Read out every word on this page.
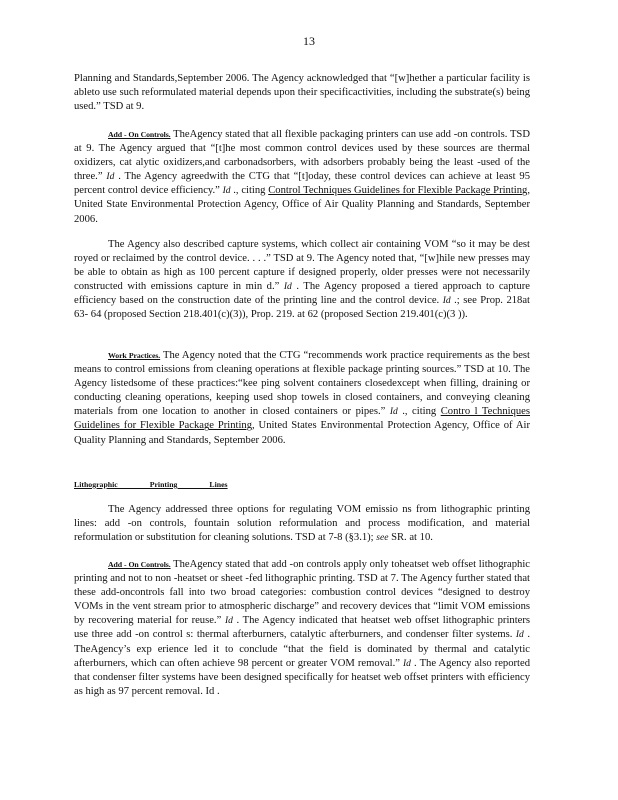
13

Planning and Standards,September 2006. The Agency acknowledged that “[w]hether a particular facility is ableto use such reformulated material depends upon their specificactivities, including the substrate(s) being used.” TSD at 9.

Add - On Controls. TheAgency stated that all flexible packaging printers can use add -on controls. TSD at 9. The Agency argued that “[t]he most common control devices used by these sources are thermal oxidizers, cat alytic oxidizers,and carbonadsorbers, with adsorbers probably being the least -used of the three.” Id . The Agency agreedwith the CTG that “[t]oday, these control devices can achieve at least 95 percent control device efficiency.” Id ., citing Control Techniques Guidelines for Flexible Package Printing, United State Environmental Protection Agency, Office of Air Quality Planning and Standards, September 2006.

The Agency also described capture systems, which collect air containing VOM “so it may be dest royed or reclaimed by the control device. . . .” TSD at 9. The Agency noted that, “[w]hile new presses may be able to obtain as high as 100 percent capture if designed properly, older presses were not necessarily constructed with emissions capture in min d.” Id . The Agency proposed a tiered approach to capture efficiency based on the construction date of the printing line and the control device. Id .; see Prop. 218at 63- 64 (proposed Section 218.401(c)(3)), Prop. 219. at 62 (proposed Section 219.401(c)(3 )).

Work Practices. The Agency noted that the CTG “recommends work practice requirements as the best means to control emissions from cleaning operations at flexible package printing sources.” TSD at 10. The Agency listedsome of these practices:“kee ping solvent containers closedexcept when filling, draining or conducting cleaning operations, keeping used shop towels in closed containers, and conveying cleaning materials from one location to another in closed containers or pipes.” Id ., citing Contro l Techniques Guidelines for Flexible Package Printing, United States Environmental Protection Agency, Office of Air Quality Planning and Standards, September 2006.

Lithographic Printing Lines

The Agency addressed three options for regulating VOM emissio ns from lithographic printing lines: add -on controls, fountain solution reformulation and process modification, and material reformulation or substitution for cleaning solutions. TSD at 7-8 (§3.1); see SR. at 10.

Add - On Controls. TheAgency stated that add -on controls apply only toheatset web offset lithographic printing and not to non -heatset or sheet -fed lithographic printing. TSD at 7. The Agency further stated that these add-oncontrols fall into two broad categories: combustion control devices “designed to destroy VOMs in the vent stream prior to atmospheric discharge” and recovery devices that “limit VOM emissions by recovering material for reuse.” Id . The Agency indicated that heatset web offset lithographic printers use three add -on control s: thermal afterburners, catalytic afterburners, and condenser filter systems. Id . TheAgency’s exp erience led it to conclude “that the field is dominated by thermal and catalytic afterburners, which can often achieve 98 percent or greater VOM removal.” Id . The Agency also reported that condenser filter systems have been designed specifically for heatset web offset printers with efficiency as high as 97 percent removal. Id .
